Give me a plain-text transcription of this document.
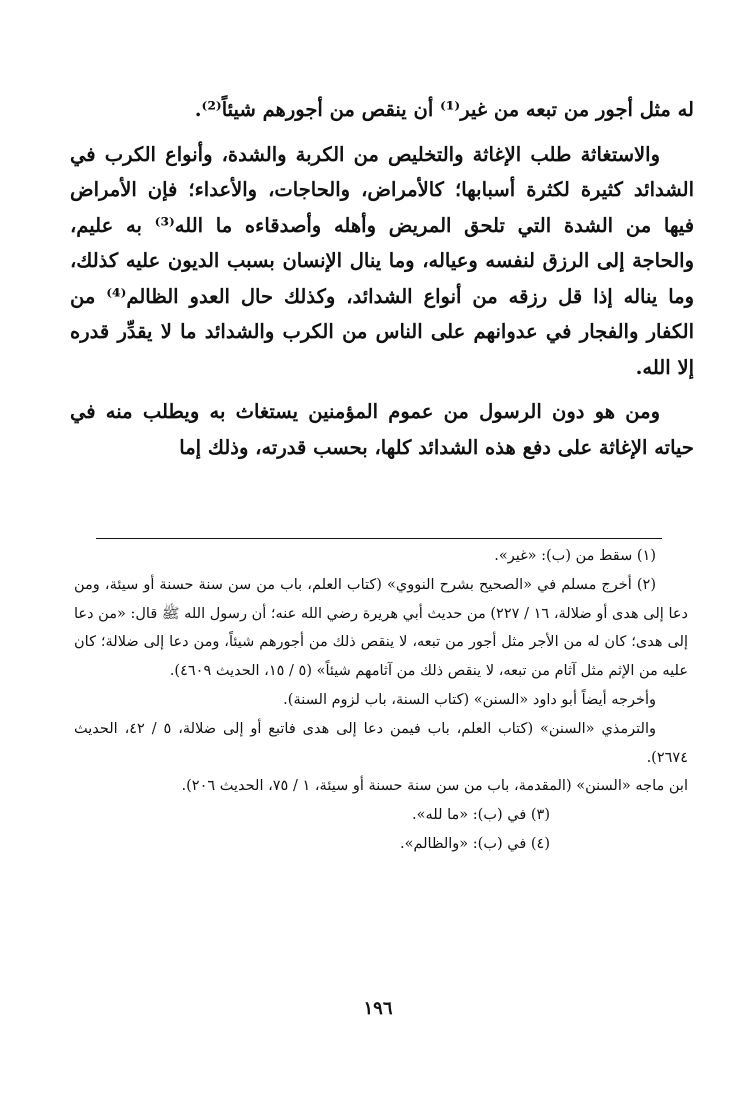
له مثل أجور من تبعه من غير⁽¹⁾ أن ينقص من أجورهم شيئاً⁽²⁾.

والاستغاثة طلب الإغاثة والتخليص من الكربة والشدة، وأنواع الكرب في الشدائد كثيرة لكثرة أسبابها؛ كالأمراض، والحاجات، والأعداء؛ فإن الأمراض فيها من الشدة التي تلحق المريض وأهله وأصدقاءه ما الله⁽³⁾ به عليم، والحاجة إلى الرزق لنفسه وعياله، وما ينال الإنسان بسبب الديون عليه كذلك، وما يناله إذا قل رزقه من أنواع الشدائد، وكذلك حال العدو الظالم⁽⁴⁾ من الكفار والفجار في عدوانهم على الناس من الكرب والشدائد ما لا يقدِّر قدره إلا الله.

ومن هو دون الرسول من عموم المؤمنين يستغاث به ويطلب منه في حياته الإغاثة على دفع هذه الشدائد كلها، بحسب قدرته، وذلك إما

(١) سقط من (ب): «غير».

(٢) أخرج مسلم في «الصحيح بشرح النووي» (كتاب العلم، باب من سن سنة حسنة أو سيئة، ومن دعا إلى هدى أو ضلالة، ١٦ / ٢٢٧) من حديث أبي هريرة رضي الله عنه؛ أن رسول الله ﷺ قال: «من دعا إلى هدى؛ كان له من الأجر مثل أجور من تبعه، لا ينقص ذلك من أجورهم شيئاً، ومن دعا إلى ضلالة؛ كان عليه من الإثم مثل آثام من تبعه، لا ينقص ذلك من آثامهم شيئاً» (٥ / ١٥، الحديث ٤٦٠٩).

وأخرجه أيضاً أبو داود «السنن» (كتاب السنة، باب لزوم السنة).

والترمذي «السنن» (كتاب العلم، باب فيمن دعا إلى هدى فاتبع أو إلى ضلالة، ٥ / ٤٢، الحديث ٢٦٧٤).

ابن ماجه «السنن» (المقدمة، باب من سن سنة حسنة أو سيئة، ١ / ٧٥، الحديث ٢٠٦).

(٣) في (ب): «ما لله».

(٤) في (ب): «والظالم».

١٩٦
